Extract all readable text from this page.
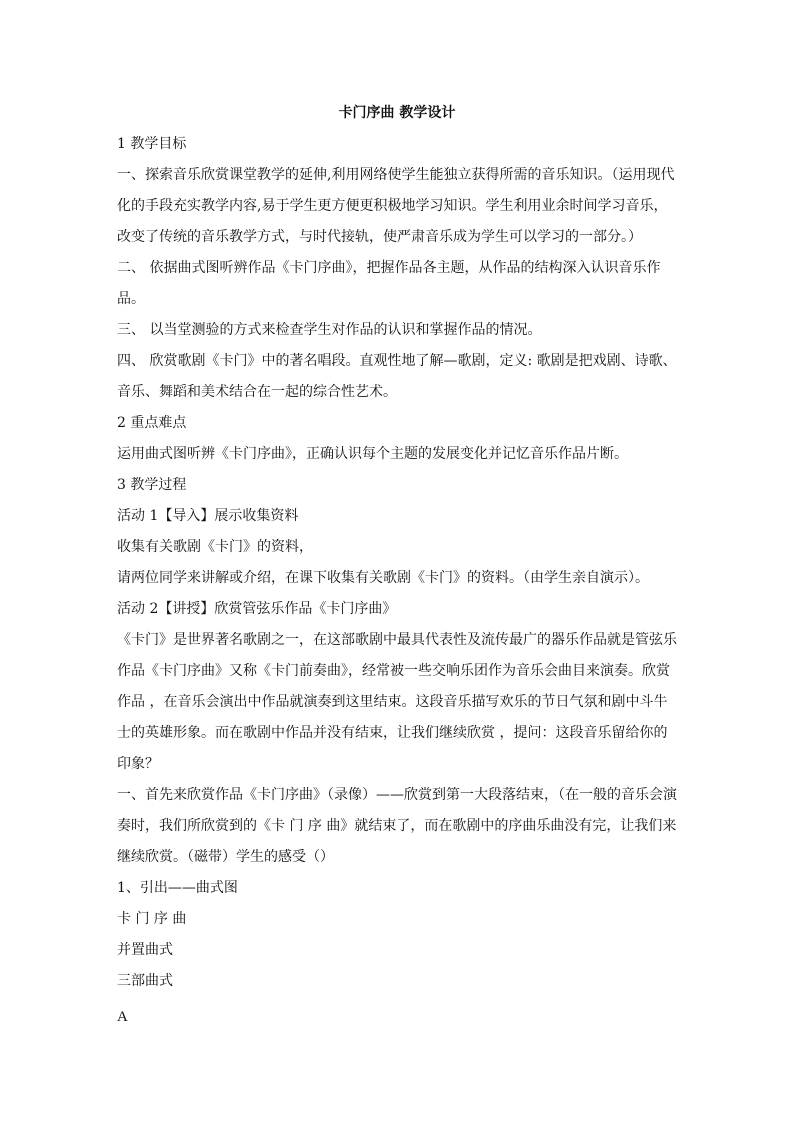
卡门序曲 教学设计

1 教学目标

一、探索音乐欣赏课堂教学的延伸,利用网络使学生能独立获得所需的音乐知识。（运用现代化的手段充实教学内容,易于学生更方便更积极地学习知识。学生利用业余时间学习音乐，改变了传统的音乐教学方式，与时代接轨，使严肃音乐成为学生可以学习的一部分。）

二、 依据曲式图听辨作品《卡门序曲》，把握作品各主题，从作品的结构深入认识音乐作品。

三、 以当堂测验的方式来检查学生对作品的认识和掌握作品的情况。

四、 欣赏歌剧《卡门》中的著名唱段。直观性地了解—歌剧，定义: 歌剧是把戏剧、诗歌、音乐、舞蹈和美术结合在一起的综合性艺术。

2 重点难点

运用曲式图听辨《卡门序曲》，正确认识每个主题的发展变化并记忆音乐作品片断。

3 教学过程

活动 1【导入】展示收集资料

收集有关歌剧《卡门》的资料，

请两位同学来讲解或介绍，在课下收集有关歌剧《卡门》的资料。（由学生亲自演示）。

活动 2【讲授】欣赏管弦乐作品《卡门序曲》

《卡门》是世界著名歌剧之一，在这部歌剧中最具代表性及流传最广的器乐作品就是管弦乐作品《卡门序曲》又称《卡门前奏曲》，经常被一些交响乐团作为音乐会曲目来演奏。欣赏作品 ，在音乐会演出中作品就演奏到这里结束。这段音乐描写欢乐的节日气氛和剧中斗牛士的英雄形象。而在歌剧中作品并没有结束，让我们继续欣赏 ，提问：这段音乐留给你的印象？

一、首先来欣赏作品《卡门序曲》（录像）——欣赏到第一大段落结束，（在一般的音乐会演奏时，我们所欣赏到的《卡 门 序 曲》就结束了，而在歌剧中的序曲乐曲没有完，让我们来继续欣赏。（磁带）学生的感受（）

1、引出——曲式图

卡 门 序 曲

并置曲式

三部曲式

A
